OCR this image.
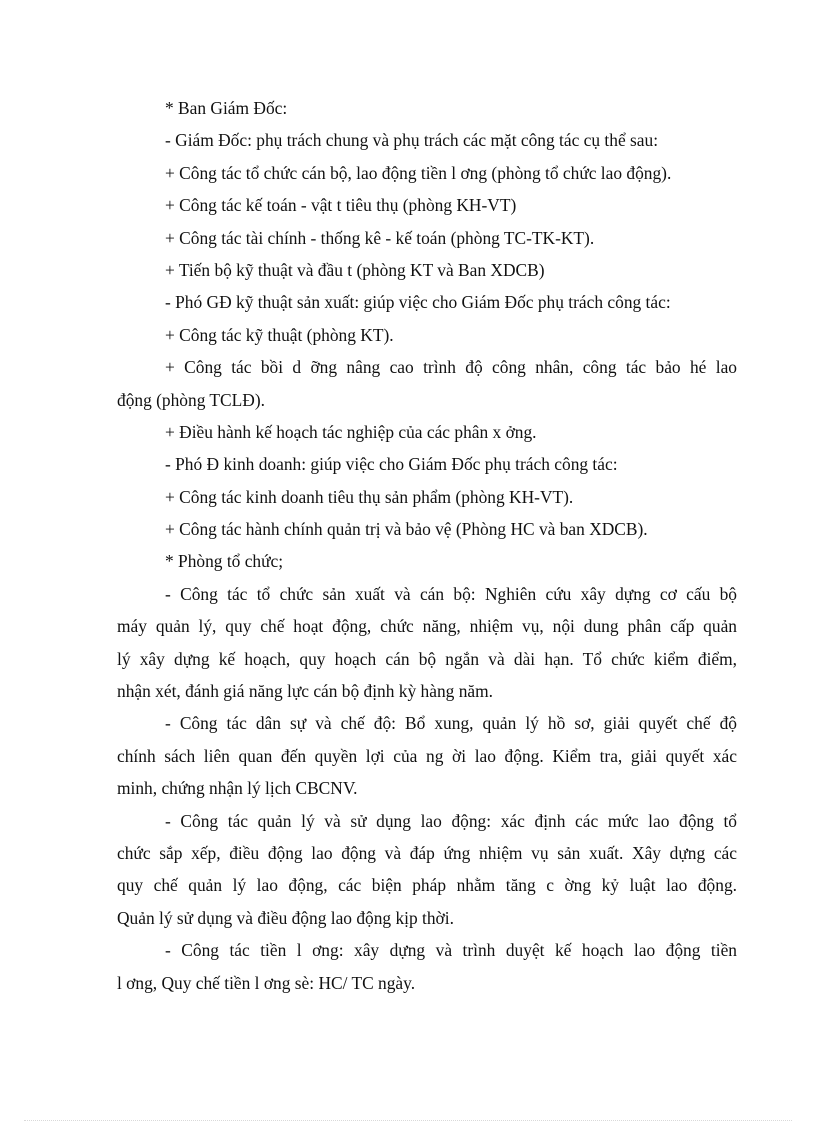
* Ban Giám Đốc:
- Giám Đốc: phụ trách chung và phụ trách các mặt công tác cụ thể sau:
+ Công tác tổ chức cán bộ, lao động tiền l ơng (phòng tổ chức lao động).
+ Công tác kế toán - vật t tiêu thụ (phòng KH-VT)
+ Công tác tài chính - thống kê - kế toán (phòng TC-TK-KT).
+ Tiến bộ kỹ thuật và đầu t (phòng KT và Ban XDCB)
- Phó GĐ kỹ thuật sản xuất: giúp việc cho Giám Đốc phụ trách công tác:
+ Công tác kỹ thuật (phòng KT).
+ Công tác bồi d ỡng nâng cao trình độ công nhân, công tác bảo hé lao
động (phòng TCLĐ).
+ Điều hành kế hoạch tác nghiệp của các phân x ởng.
- Phó Đ kinh doanh: giúp việc cho Giám Đốc phụ trách công tác:
+ Công tác kinh doanh tiêu thụ sản phẩm (phòng KH-VT).
+ Công tác hành chính quản trị và bảo vệ (Phòng HC và ban XDCB).
* Phòng tổ chức;
- Công tác tổ chức sản xuất và cán bộ: Nghiên cứu xây dựng cơ cấu bộ
máy quản lý, quy chế hoạt động, chức năng, nhiệm vụ, nội dung phân cấp quản
lý xây dựng kế hoạch, quy hoạch cán bộ ngắn và dài hạn. Tổ chức kiểm điểm,
nhận xét, đánh giá năng lực cán bộ định kỳ hàng năm.
- Công tác dân sự và chế độ: Bổ xung, quản lý hồ sơ, giải quyết chế độ
chính sách liên quan đến quyền lợi của ng ời lao động. Kiểm tra, giải quyết xác
minh, chứng nhận lý lịch CBCNV.
- Công tác quản lý và sử dụng lao động: xác định các mức lao động tổ
chức sắp xếp, điều động lao động và đáp ứng nhiệm vụ sản xuất. Xây dựng các
quy chế quản lý lao động, các biện pháp nhằm tăng c ờng kỷ luật lao động.
Quản lý sử dụng và điều động lao động kịp thời.
- Công tác tiền l ơng: xây dựng và trình duyệt kế hoạch lao động tiền
l ơng, Quy chế tiền l ơng sè: HC/ TC ngày.
